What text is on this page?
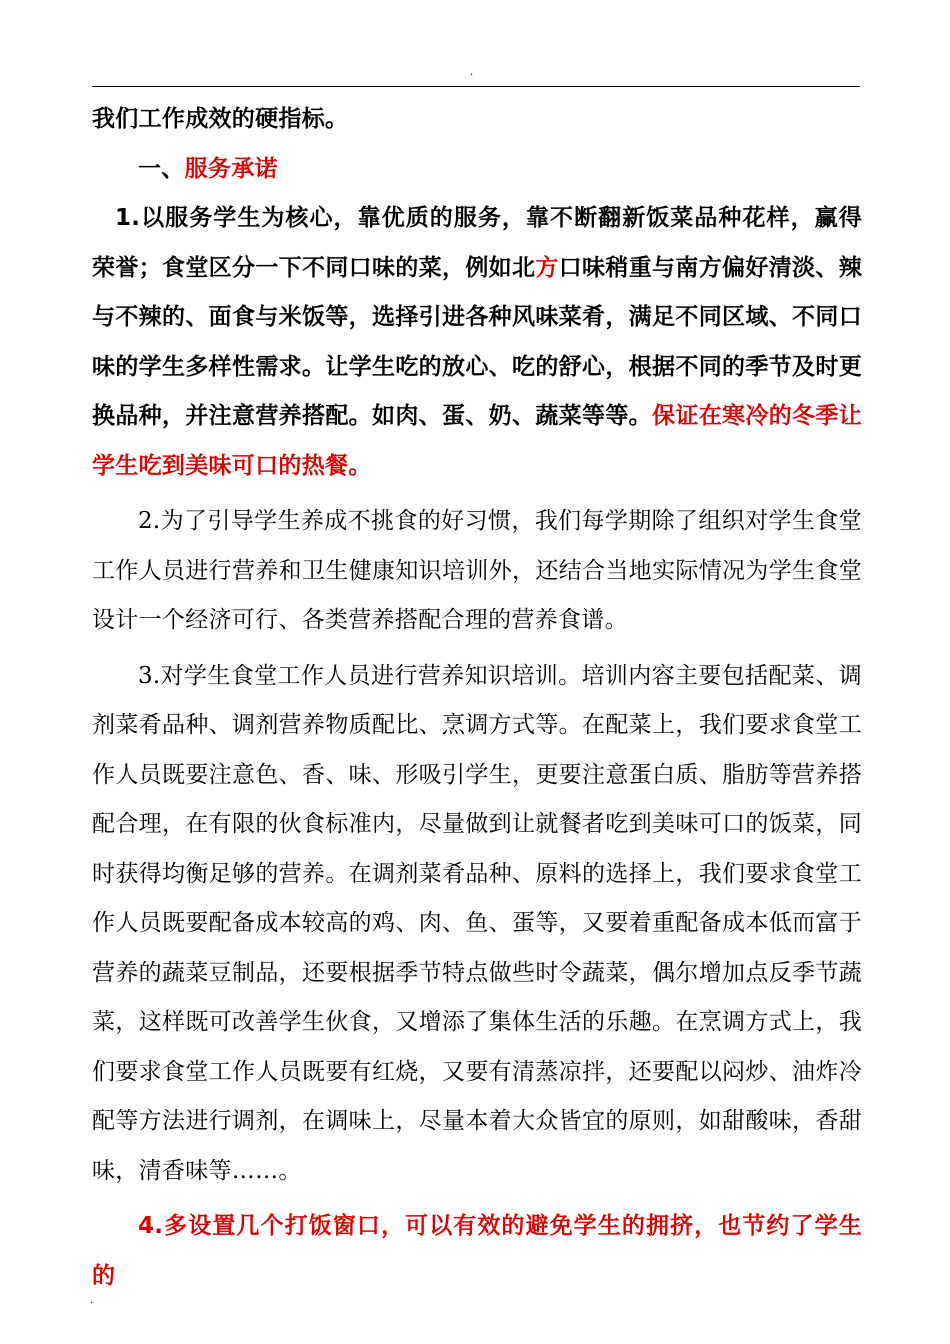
.

我们工作成效的硬指标。

一、服务承诺

1.以服务学生为核心，靠优质的服务，靠不断翻新饭菜品种花样，赢得荣誉；食堂区分一下不同口味的菜，例如北方口味稍重与南方偏好清淡、辣与不辣的、面食与米饭等，选择引进各种风味菜肴，满足不同区域、不同口味的学生多样性需求。让学生吃的放心、吃的舒心，根据不同的季节及时更换品种，并注意营养搭配。如肉、蛋、奶、蔬菜等等。保证在寒冷的冬季让学生吃到美味可口的热餐。

2.为了引导学生养成不挑食的好习惯，我们每学期除了组织对学生食堂工作人员进行营养和卫生健康知识培训外，还结合当地实际情况为学生食堂设计一个经济可行、各类营养搭配合理的营养食谱。

3.对学生食堂工作人员进行营养知识培训。培训内容主要包括配菜、调剂菜肴品种、调剂营养物质配比、烹调方式等。在配菜上，我们要求食堂工作人员既要注意色、香、味、形吸引学生，更要注意蛋白质、脂肪等营养搭配合理，在有限的伙食标准内，尽量做到让就餐者吃到美味可口的饭菜，同时获得均衡足够的营养。在调剂菜肴品种、原料的选择上，我们要求食堂工作人员既要配备成本较高的鸡、肉、鱼、蛋等，又要着重配备成本低而富于营养的蔬菜豆制品，还要根据季节特点做些时令蔬菜，偶尔增加点反季节蔬菜，这样既可改善学生伙食，又增添了集体生活的乐趣。在烹调方式上，我们要求食堂工作人员既要有红烧，又要有清蒸凉拌，还要配以闷炒、油炸冷配等方法进行调剂，在调味上，尽量本着大众皆宜的原则，如甜酸味，香甜味，清香味等……。

4.多设置几个打饭窗口，可以有效的避免学生的拥挤，也节约了学生的

.
